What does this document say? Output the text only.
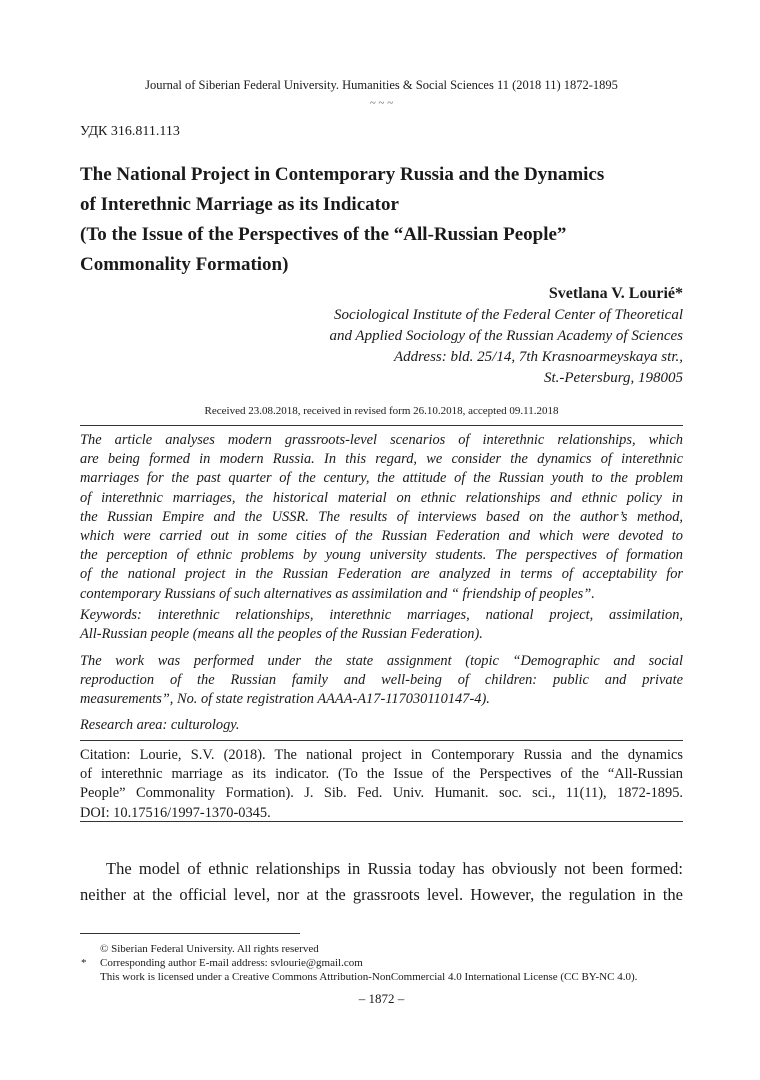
Journal of Siberian Federal University. Humanities & Social Sciences 11 (2018 11) 1872-1895
~ ~ ~
УДК 316.811.113
The National Project in Contemporary Russia and the Dynamics
of Interethnic Marriage as its Indicator
(To the Issue of the Perspectives of the “All-Russian People”
Commonality Formation)
Svetlana V. Lourié*
Sociological Institute of the Federal Center of Theoretical
and Applied Sociology of the Russian Academy of Sciences
Address: bld. 25/14, 7th Krasnoarmeyskaya str.,
St.-Petersburg, 198005
Received 23.08.2018, received in revised form 26.10.2018, accepted 09.11.2018
The article analyses modern grassroots-level scenarios of interethnic relationships, which
are being formed in modern Russia. In this regard, we consider the dynamics of interethnic
marriages for the past quarter of the century, the attitude of the Russian youth to the problem
of interethnic marriages, the historical material on ethnic relationships and ethnic policy in
the Russian Empire and the USSR. The results of interviews based on the author’s method,
which were carried out in some cities of the Russian Federation and which were devoted to
the perception of ethnic problems by young university students. The perspectives of formation
of the national project in the Russian Federation are analyzed in terms of acceptability for
contemporary Russians of such alternatives as assimilation and “ friendship of peoples”.
Keywords: interethnic relationships, interethnic marriages, national project, assimilation,
All-Russian people (means all the peoples of the Russian Federation).
The work was performed under the state assignment (topic “Demographic and social
reproduction of the Russian family and well-being of children: public and private
measurements”, No. of state registration AAAA-A17-117030110147-4).
Research area: culturology.
Citation: Lourie, S.V. (2018). The national project in Contemporary Russia and the dynamics
of interethnic marriage as its indicator. (To the Issue of the Perspectives of the “All-Russian
People” Commonality Formation). J. Sib. Fed. Univ. Humanit. soc. sci., 11(11), 1872-1895.
DOI: 10.17516/1997-1370-0345.
The model of ethnic relationships in Russia today has obviously not been formed:
neither at the official level, nor at the grassroots level. However, the regulation in the
© Siberian Federal University. All rights reserved
Corresponding author E-mail address: svlourie@gmail.com
This work is licensed under a Creative Commons Attribution-NonCommercial 4.0 International License (CC BY-NC 4.0).
*
– 1872 –
